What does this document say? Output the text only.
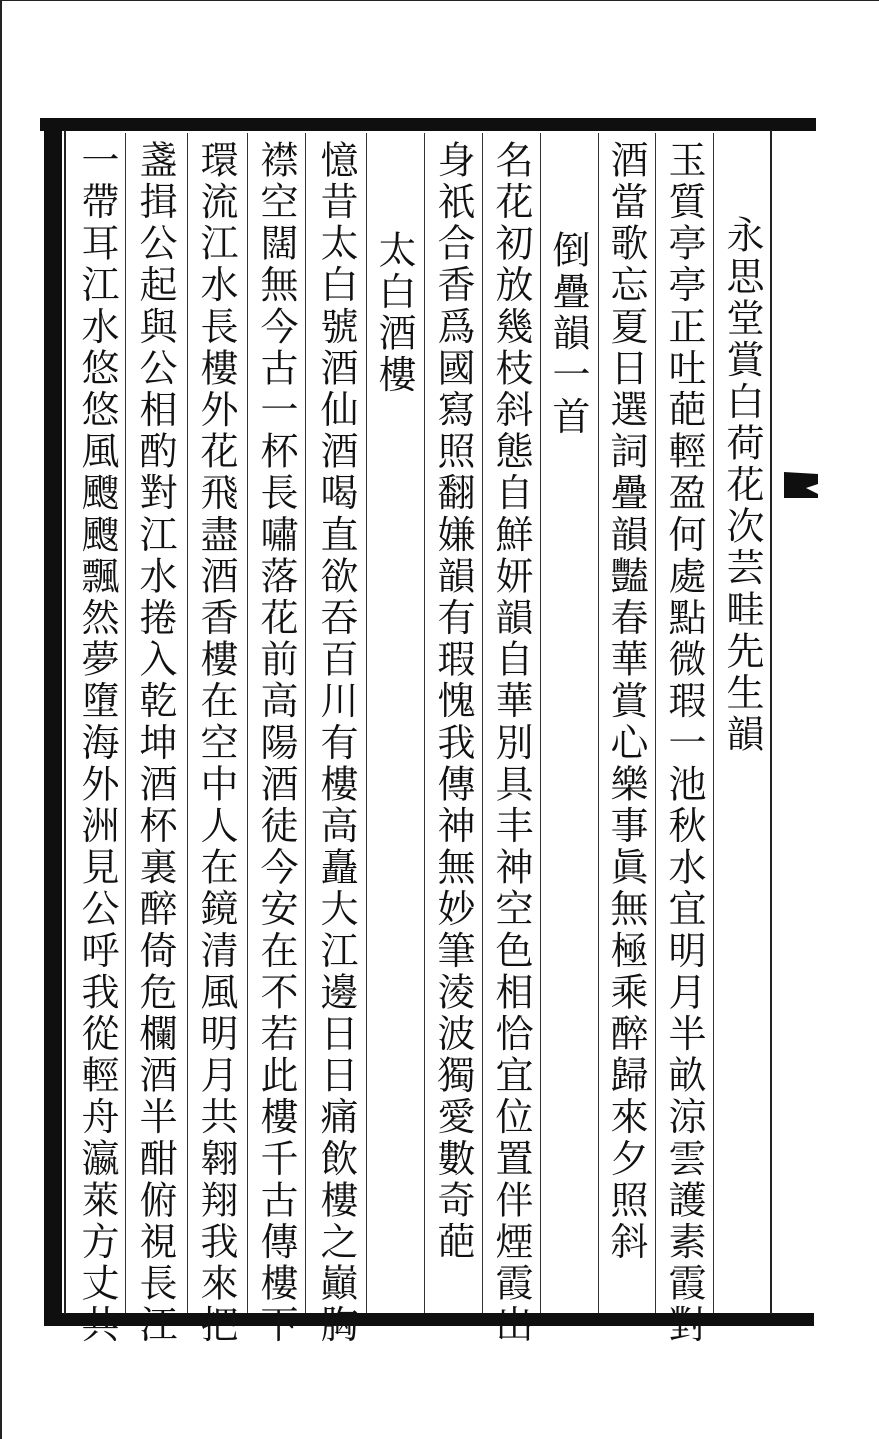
永思堂賞白荷花次芸畦先生韻
玉質亭亭正吐葩輕盈何處點微瑕一池秋水宜明月半畝涼雲護素霞對
酒當歌忘夏日選詞疊韻豔春華賞心樂事眞無極乘醉歸來夕照斜
倒疊韻一首
名花初放幾枝斜態自鮮妍韻自華別具丰神空色相恰宜位置伴煙霞出
身祇合香爲國寫照翻嫌韻有瑕愧我傳神無妙筆淩波獨愛數奇葩
太白酒樓
憶昔太白號酒仙酒喝直欲吞百川有樓高矗大江邊日日痛飲樓之巓胸
襟空闊無今古一杯長嘯落花前高陽酒徒今安在不若此樓千古傳樓下
環流江水長樓外花飛盡酒香樓在空中人在鏡清風明月共翱翔我來把
盞揖公起與公相酌對江水捲入乾坤酒杯裏醉倚危欄酒半酣俯視長江
一帶耳江水悠悠風颼颼飄然夢墮海外洲見公呼我從輕舟瀛萊方丈共
